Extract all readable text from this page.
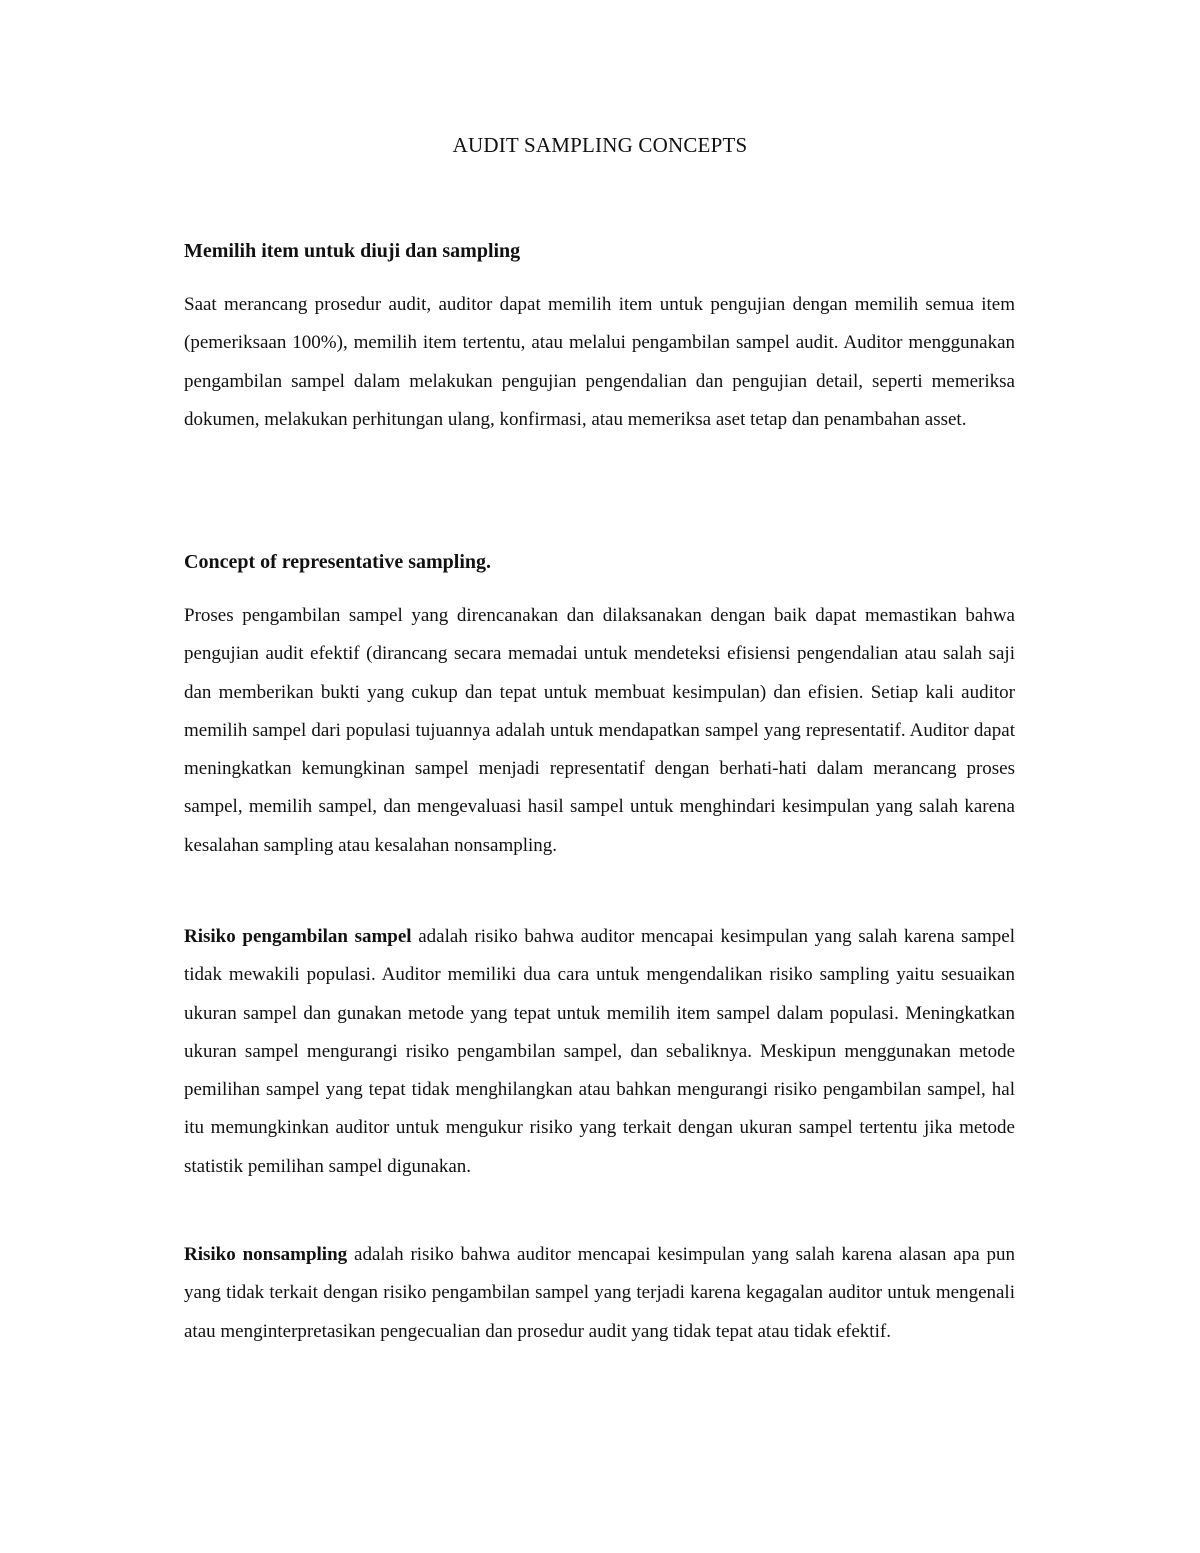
AUDIT SAMPLING CONCEPTS
Memilih item untuk diuji dan sampling

Saat merancang prosedur audit, auditor dapat memilih item untuk pengujian dengan memilih semua item (pemeriksaan 100%), memilih item tertentu, atau melalui pengambilan sampel audit. Auditor menggunakan pengambilan sampel dalam melakukan pengujian pengendalian dan pengujian detail, seperti memeriksa dokumen, melakukan perhitungan ulang, konfirmasi, atau memeriksa aset tetap dan penambahan asset.

Concept of representative sampling.

Proses pengambilan sampel yang direncanakan dan dilaksanakan dengan baik dapat memastikan bahwa pengujian audit efektif (dirancang secara memadai untuk mendeteksi efisiensi pengendalian atau salah saji dan memberikan bukti yang cukup dan tepat untuk membuat kesimpulan) dan efisien. Setiap kali auditor memilih sampel dari populasi tujuannya adalah untuk mendapatkan sampel yang representatif. Auditor dapat meningkatkan kemungkinan sampel menjadi representatif dengan berhati-hati dalam merancang proses sampel, memilih sampel, dan mengevaluasi hasil sampel untuk menghindari kesimpulan yang salah karena kesalahan sampling atau kesalahan nonsampling.

Risiko pengambilan sampel adalah risiko bahwa auditor mencapai kesimpulan yang salah karena sampel tidak mewakili populasi. Auditor memiliki dua cara untuk mengendalikan risiko sampling yaitu sesuaikan ukuran sampel dan gunakan metode yang tepat untuk memilih item sampel dalam populasi. Meningkatkan ukuran sampel mengurangi risiko pengambilan sampel, dan sebaliknya. Meskipun menggunakan metode pemilihan sampel yang tepat tidak menghilangkan atau bahkan mengurangi risiko pengambilan sampel, hal itu memungkinkan auditor untuk mengukur risiko yang terkait dengan ukuran sampel tertentu jika metode statistik pemilihan sampel digunakan.

Risiko nonsampling adalah risiko bahwa auditor mencapai kesimpulan yang salah karena alasan apa pun yang tidak terkait dengan risiko pengambilan sampel yang terjadi karena kegagalan auditor untuk mengenali atau menginterpretasikan pengecualian dan prosedur audit yang tidak tepat atau tidak efektif.
